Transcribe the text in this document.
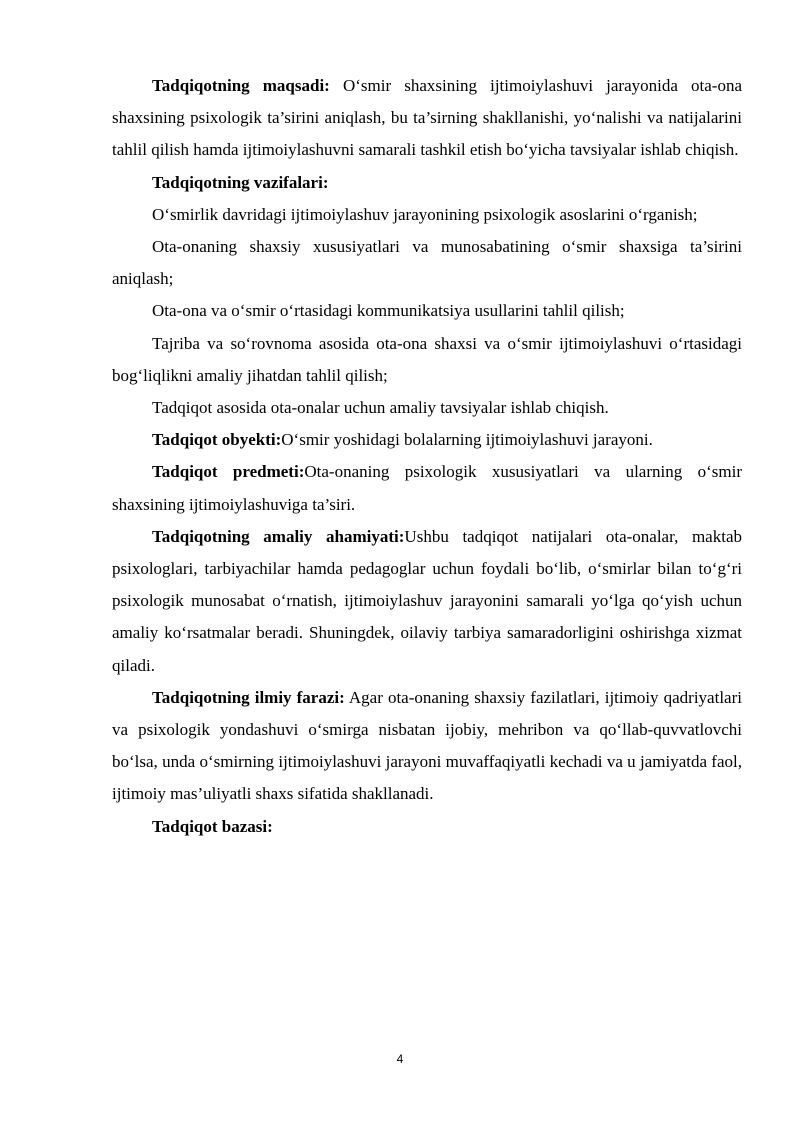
Tadqiqotning maqsadi: O‘smir shaxsining ijtimoiylashuvi jarayonida ota-ona shaxsining psixologik ta’sirini aniqlash, bu ta’sirning shakllanishi, yo‘nalishi va natijalarini tahlil qilish hamda ijtimoiylashuvni samarali tashkil etish bo‘yicha tavsiyalar ishlab chiqish.

Tadqiqotning vazifalari:

O‘smirlik davridagi ijtimoiylashuv jarayonining psixologik asoslarini o‘rganish;

Ota-onaning shaxsiy xususiyatlari va munosabatining o‘smir shaxsiga ta’sirini aniqlash;

Ota-ona va o‘smir o‘rtasidagi kommunikatsiya usullarini tahlil qilish;

Tajriba va so‘rovnoma asosida ota-ona shaxsi va o‘smir ijtimoiylashuvi o‘rtasidagi bog‘liqlikni amaliy jihatdan tahlil qilish;

Tadqiqot asosida ota-onalar uchun amaliy tavsiyalar ishlab chiqish.

Tadqiqot obyekti:O‘smir yoshidagi bolalarning ijtimoiylashuvi jarayoni.

Tadqiqot predmeti:Ota-onaning psixologik xususiyatlari va ularning o‘smir shaxsining ijtimoiylashuviga ta’siri.

Tadqiqotning amaliy ahamiyati:Ushbu tadqiqot natijalari ota-onalar, maktab psixologlari, tarbiyachilar hamda pedagoglar uchun foydali bo‘lib, o‘smirlar bilan to‘g‘ri psixologik munosabat o‘rnatish, ijtimoiylashuv jarayonini samarali yo‘lga qo‘yish uchun amaliy ko‘rsatmalar beradi. Shuningdek, oilaviy tarbiya samaradorligini oshirishga xizmat qiladi.

Tadqiqotning ilmiy farazi: Agar ota-onaning shaxsiy fazilatlari, ijtimoiy qadriyatlari va psixologik yondashuvi o‘smirga nisbatan ijobiy, mehribon va qo‘llab-quvvatlovchi bo‘lsa, unda o‘smirning ijtimoiylashuvi jarayoni muvaffaqiyatli kechadi va u jamiyatda faol, ijtimoiy mas’uliyatli shaxs sifatida shakllanadi.

Tadqiqot bazasi:

4
